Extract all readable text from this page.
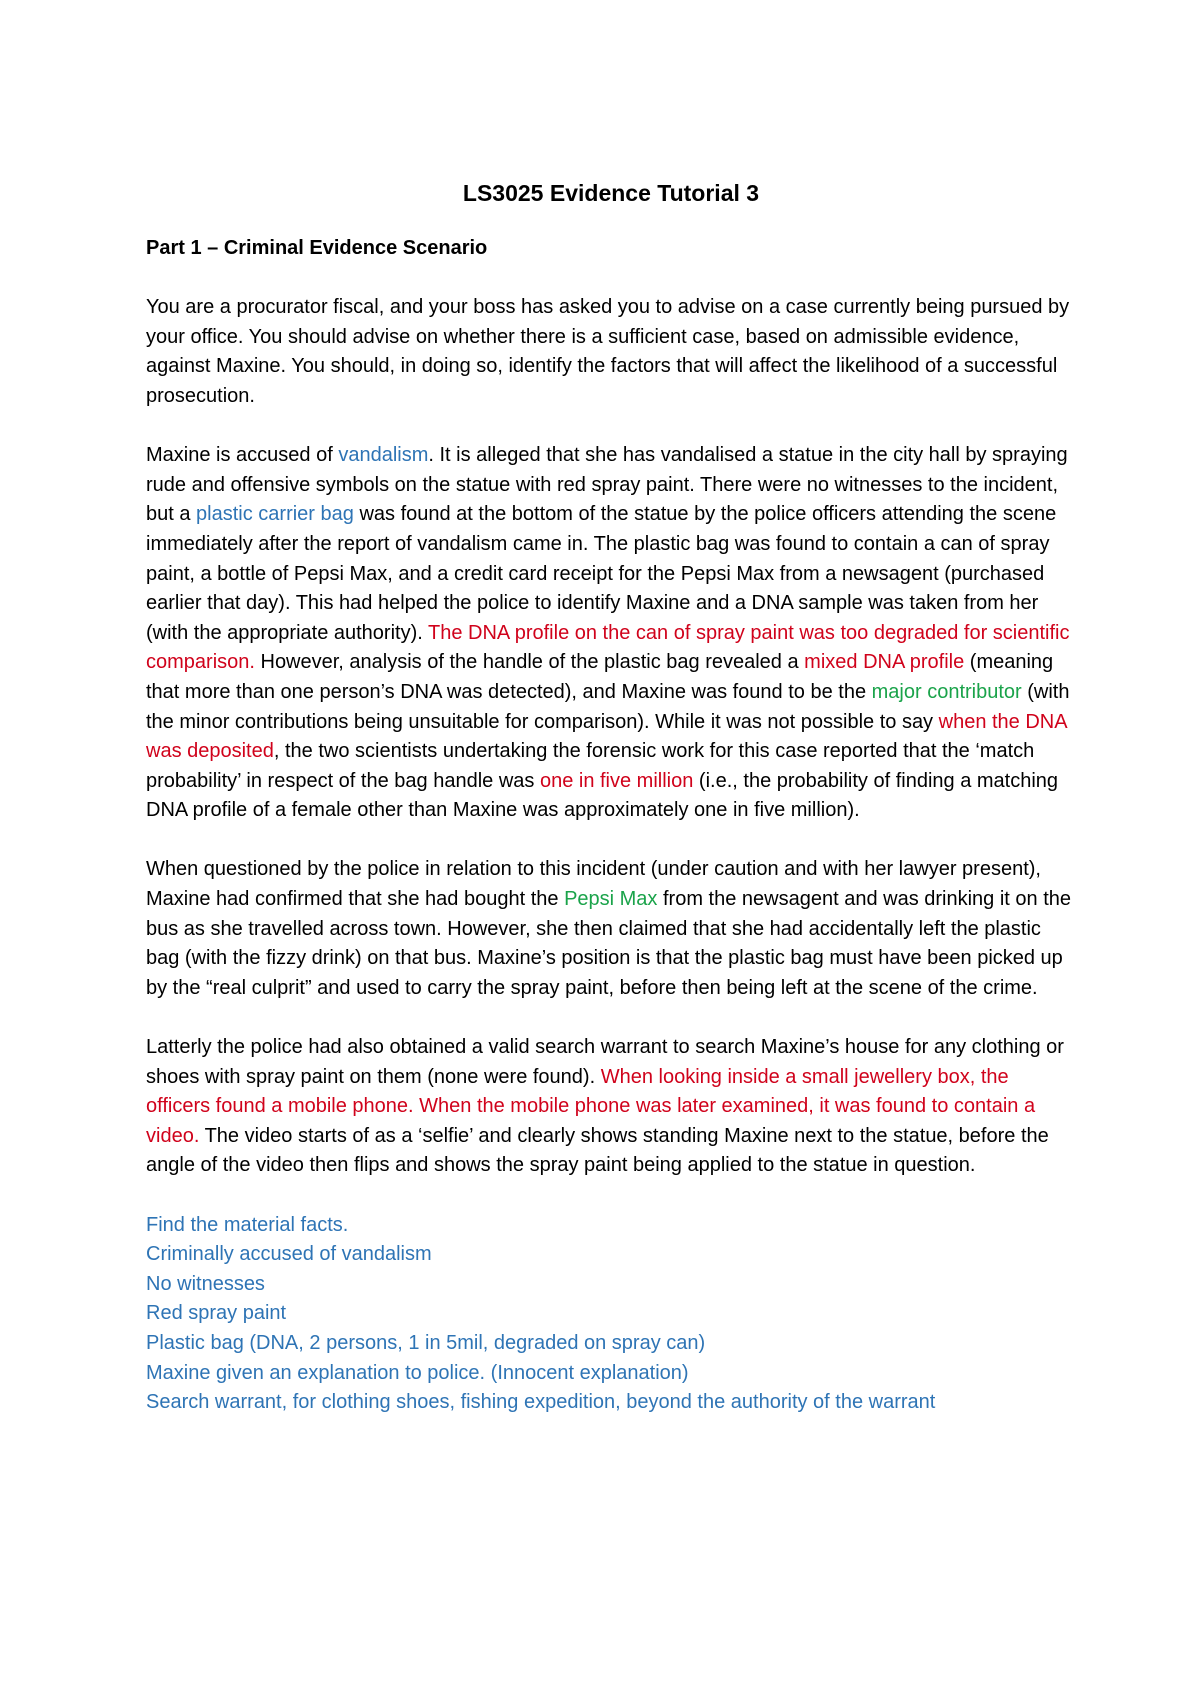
LS3025 Evidence Tutorial 3
Part 1 – Criminal Evidence Scenario

You are a procurator fiscal, and your boss has asked you to advise on a case currently being pursued by your office. You should advise on whether there is a sufficient case, based on admissible evidence, against Maxine. You should, in doing so, identify the factors that will affect the likelihood of a successful prosecution.

Maxine is accused of vandalism. It is alleged that she has vandalised a statue in the city hall by spraying rude and offensive symbols on the statue with red spray paint. There were no witnesses to the incident, but a plastic carrier bag was found at the bottom of the statue by the police officers attending the scene immediately after the report of vandalism came in. The plastic bag was found to contain a can of spray paint, a bottle of Pepsi Max, and a credit card receipt for the Pepsi Max from a newsagent (purchased earlier that day). This had helped the police to identify Maxine and a DNA sample was taken from her (with the appropriate authority). The DNA profile on the can of spray paint was too degraded for scientific comparison. However, analysis of the handle of the plastic bag revealed a mixed DNA profile (meaning that more than one person’s DNA was detected), and Maxine was found to be the major contributor (with the minor contributions being unsuitable for comparison). While it was not possible to say when the DNA was deposited, the two scientists undertaking the forensic work for this case reported that the ‘match probability’ in respect of the bag handle was one in five million (i.e., the probability of finding a matching DNA profile of a female other than Maxine was approximately one in five million).

When questioned by the police in relation to this incident (under caution and with her lawyer present), Maxine had confirmed that she had bought the Pepsi Max from the newsagent and was drinking it on the bus as she travelled across town. However, she then claimed that she had accidentally left the plastic bag (with the fizzy drink) on that bus. Maxine’s position is that the plastic bag must have been picked up by the “real culprit” and used to carry the spray paint, before then being left at the scene of the crime.

Latterly the police had also obtained a valid search warrant to search Maxine’s house for any clothing or shoes with spray paint on them (none were found). When looking inside a small jewellery box, the officers found a mobile phone. When the mobile phone was later examined, it was found to contain a video. The video starts of as a ‘selfie’ and clearly shows standing Maxine next to the statue, before the angle of the video then flips and shows the spray paint being applied to the statue in question.

Find the material facts.
Criminally accused of vandalism
No witnesses
Red spray paint
Plastic bag (DNA, 2 persons, 1 in 5mil, degraded on spray can)
Maxine given an explanation to police. (Innocent explanation)
Search warrant, for clothing shoes, fishing expedition, beyond the authority of the warrant
